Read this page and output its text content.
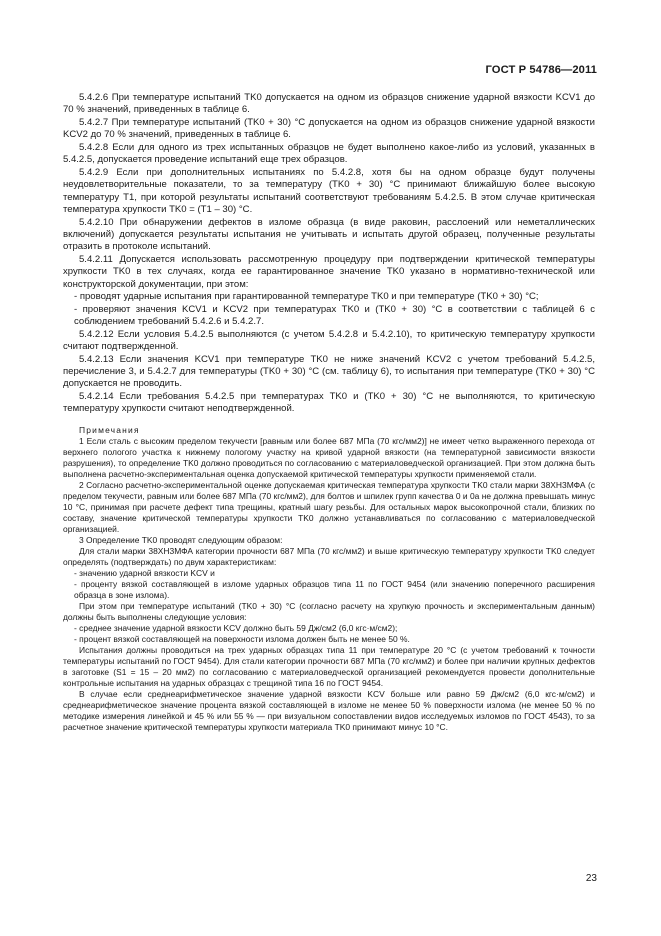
ГОСТ Р 54786—2011

5.4.2.6 При температуре испытаний TK0 допускается на одном из образцов снижение ударной вязкости KCV1 до 70 % значений, приведенных в таблице 6.

5.4.2.7 При температуре испытаний (TK0 + 30) °С допускается на одном из образцов снижение ударной вязкости KCV2 до 70 % значений, приведенных в таблице 6.

5.4.2.8 Если для одного из трех испытанных образцов не будет выполнено какое-либо из условий, указанных в 5.4.2.5, допускается проведение испытаний еще трех образцов.

5.4.2.9 Если при дополнительных испытаниях по 5.4.2.8, хотя бы на одном образце будут получены неудовлетворительные показатели, то за температуру (TK0 + 30) °С принимают ближайшую более высокую температуру T1, при которой результаты испытаний соответствуют требованиям 5.4.2.5. В этом случае критическая температура хрупкости TK0 = (T1 – 30) °С.

5.4.2.10 При обнаружении дефектов в изломе образца (в виде раковин, расслоений или неметаллических включений) допускается результаты испытания не учитывать и испытать другой образец, полученные результаты отразить в протоколе испытаний.

5.4.2.11 Допускается использовать рассмотренную процедуру при подтверждении критической температуры хрупкости TK0 в тех случаях, когда ее гарантированное значение TK0 указано в нормативно-технической или конструкторской документации, при этом:

- проводят ударные испытания при гарантированной температуре TK0 и при температуре (TK0 + 30) °С;

- проверяют значения KCV1 и KCV2 при температурах TK0 и (TK0 + 30) °С в соответствии с таблицей 6 с соблюдением требований 5.4.2.6 и 5.4.2.7.

5.4.2.12 Если условия 5.4.2.5 выполняются (с учетом 5.4.2.8 и 5.4.2.10), то критическую температуру хрупкости считают подтвержденной.

5.4.2.13 Если значения KCV1 при температуре TK0 не ниже значений KCV2 с учетом требований 5.4.2.5, перечисление 3, и 5.4.2.7 для температуры (TK0 + 30) °С (см. таблицу 6), то испытания при температуре (TK0 + 30) °С допускается не проводить.

5.4.2.14 Если требования 5.4.2.5 при температурах TK0 и (TK0 + 30) °С не выполняются, то критическую температуру хрупкости считают неподтвержденной.

Примечания

1 Если сталь с высоким пределом текучести [равным или более 687 МПа (70 кгс/мм2)] не имеет четко выраженного перехода от верхнего пологого участка к нижнему пологому участку на кривой ударной вязкости (на температурной зависимости вязкости разрушения), то определение TK0 должно проводиться по согласованию с материаловедческой организацией. При этом должна быть выполнена расчетно-экспериментальная оценка допускаемой критической температуры хрупкости применяемой стали.

2 Согласно расчетно-экспериментальной оценке допускаемая критическая температура хрупкости TK0 стали марки 38ХН3МФА (с пределом текучести, равным или более 687 МПа (70 кгс/мм2), для болтов и шпилек групп качества 0 и 0а не должна превышать минус 10 °С, принимая при расчете дефект типа трещины, кратный шагу резьбы. Для остальных марок высокопрочной стали, близких по составу, значение критической температуры хрупкости TK0 должно устанавливаться по согласованию с материаловедческой организацией.

3 Определение TK0 проводят следующим образом:

Для стали марки 38ХН3МФА категории прочности 687 МПа (70 кгс/мм2) и выше критическую температуру хрупкости TK0 следует определять (подтверждать) по двум характеристикам:

- значению ударной вязкости KCV и

- проценту вязкой составляющей в изломе ударных образцов типа 11 по ГОСТ 9454 (или значению поперечного расширения образца в зоне излома).

При этом при температуре испытаний (TK0 + 30) °С (согласно расчету на хрупкую прочность и экспериментальным данным) должны быть выполнены следующие условия:

- среднее значение ударной вязкости KCV должно быть 59 Дж/см2 (6,0 кгс·м/см2);

- процент вязкой составляющей на поверхности излома должен быть не менее 50 %.

Испытания должны проводиться на трех ударных образцах типа 11 при температуре 20 °С (с учетом требований к точности температуры испытаний по ГОСТ 9454). Для стали категории прочности 687 МПа (70 кгс/мм2) и более при наличии крупных дефектов в заготовке (S1 = 15 – 20 мм2) по согласованию с материаловедческой организацией рекомендуется провести дополнительные контрольные испытания на ударных образцах с трещиной типа 16 по ГОСТ 9454.

В случае если среднеарифметическое значение ударной вязкости KCV больше или равно 59 Дж/см2 (6,0 кгс·м/см2) и среднеарифметическое значение процента вязкой составляющей в изломе не менее 50 % поверхности излома (не менее 50 % по методике измерения линейкой и 45 % или 55 % — при визуальном сопоставлении видов исследуемых изломов по ГОСТ 4543), то за расчетное значение критической температуры хрупкости материала TK0 принимают минус 10 °С.

23
